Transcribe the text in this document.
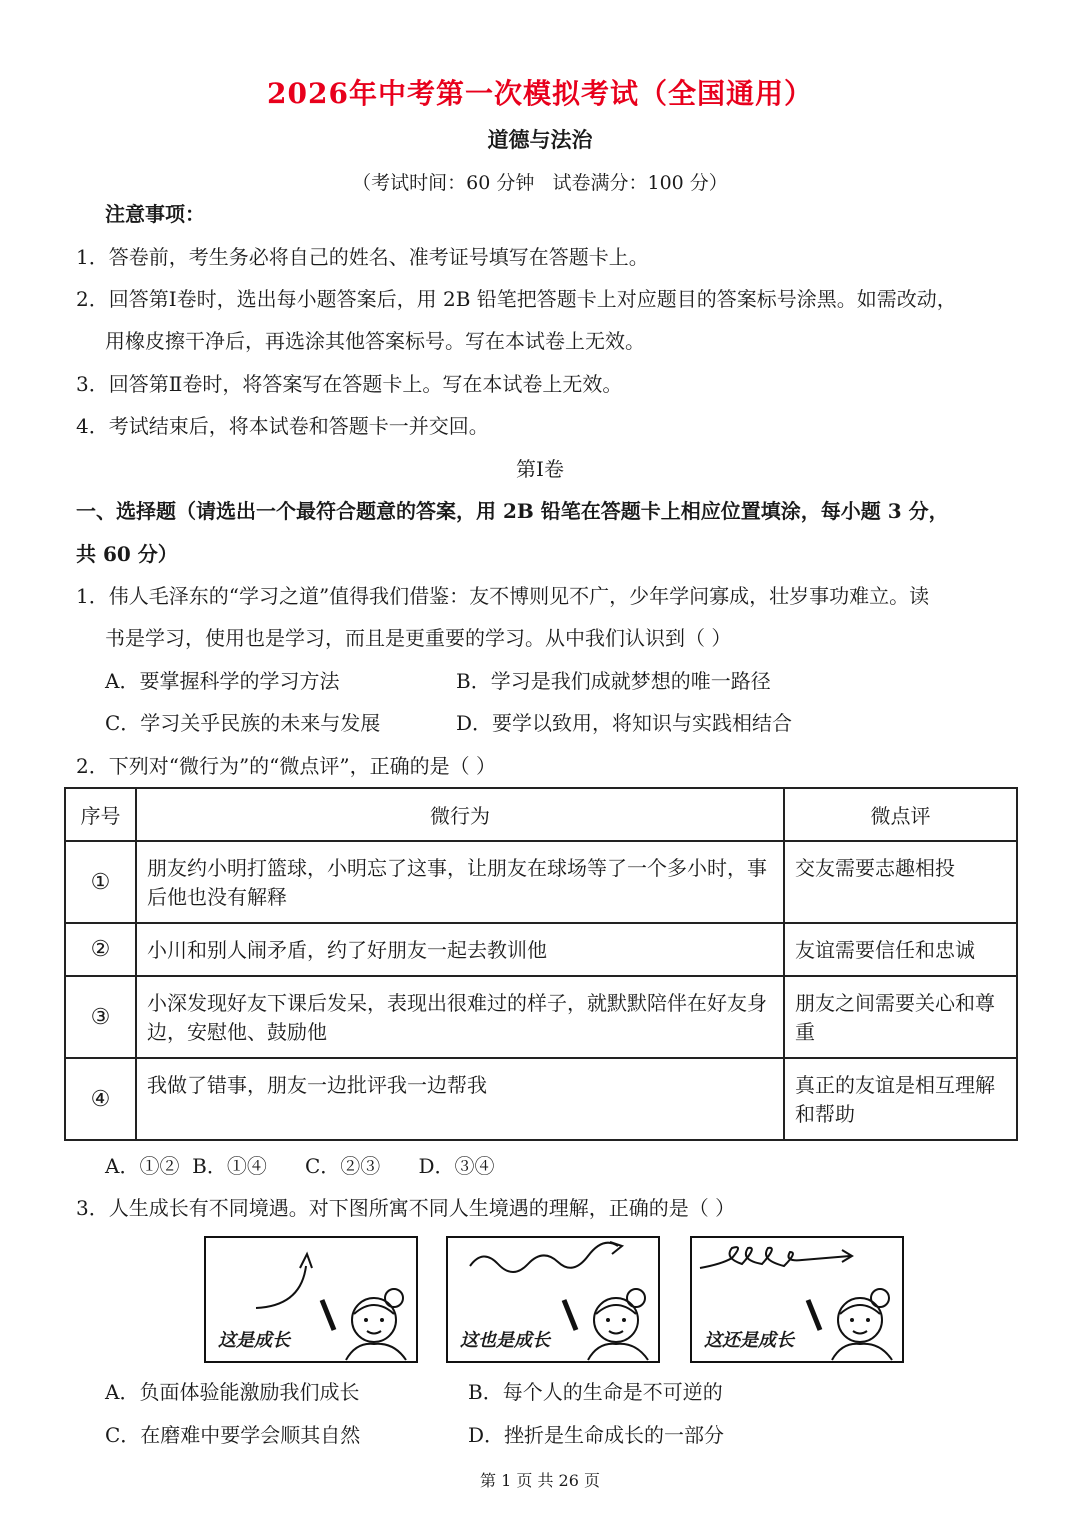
2026年中考第一次模拟考试（全国通用）
道德与法治
（考试时间：60 分钟   试卷满分：100 分）
注意事项：
1．答卷前，考生务必将自己的姓名、准考证号填写在答题卡上。
2．回答第Ⅰ卷时，选出每小题答案后，用 2B 铅笔把答题卡上对应题目的答案标号涂黑。如需改动，
用橡皮擦干净后，再选涂其他答案标号。写在本试卷上无效。
3．回答第Ⅱ卷时，将答案写在答题卡上。写在本试卷上无效。
4．考试结束后，将本试卷和答题卡一并交回。
第Ⅰ卷
一、选择题（请选出一个最符合题意的答案，用 2B 铅笔在答题卡上相应位置填涂，每小题 3 分，
共 60 分）
1．伟人毛泽东的“学习之道”值得我们借鉴：友不博则见不广，少年学问寡成，壮岁事功难立。读
书是学习，使用也是学习，而且是更重要的学习。从中我们认识到（ ）
A．要掌握科学的学习方法	B．学习是我们成就梦想的唯一路径
C．学习关乎民族的未来与发展	D．要学以致用，将知识与实践相结合
2．下列对“微行为”的“微点评”，正确的是（ ）
序号	微行为	微点评
①	朋友约小明打篮球，小明忘了这事，让朋友在球场等了一个多小时，事后他也没有解释	交友需要志趣相投
②	小川和别人闹矛盾，约了好朋友一起去教训他	友谊需要信任和忠诚
③	小深发现好友下课后发呆，表现出很难过的样子，就默默陪伴在好友身边，安慰他、鼓励他	朋友之间需要关心和尊重
④	我做了错事，朋友一边批评我一边帮我	真正的友谊是相互理解和帮助
A．①②  B．①④      C．②③      D．③④
3．人生成长有不同境遇。对下图所寓不同人生境遇的理解，正确的是（ ）
这是成长	这也是成长	这还是成长
A．负面体验能激励我们成长	B．每个人的生命是不可逆的
C．在磨难中要学会顺其自然	D．挫折是生命成长的一部分
第 1 页 共 26 页
